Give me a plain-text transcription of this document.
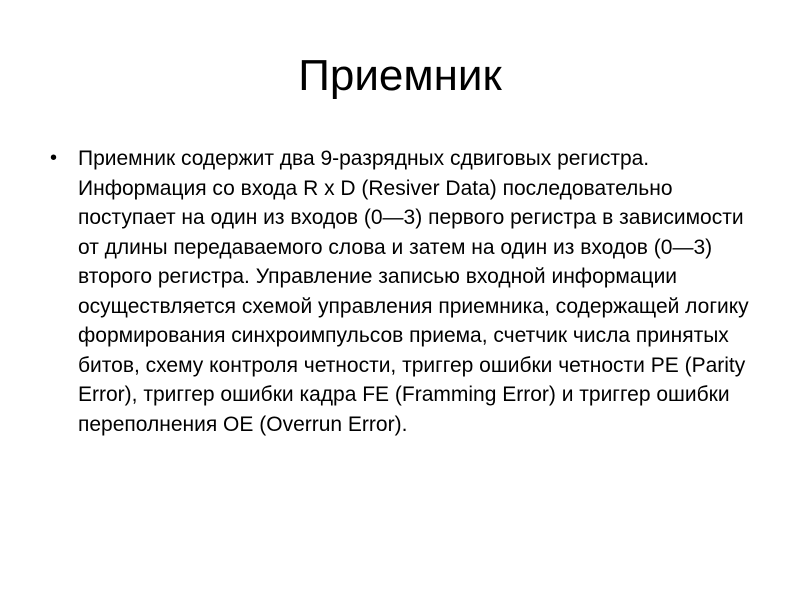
Приемник
• Приемник содержит два 9-разрядных сдвиговых регистра. Информация со входа R x D (Resiver Data) последовательно поступает на один из входов (0—3) первого регистра в зависимости от длины передаваемого слова и затем на один из входов (0—3) второго регистра. Управление записью входной информации осуществляется схемой управления приемника, содержащей логику формирования синхроимпульсов приема, счетчик числа принятых битов, схему контроля четности, триггер ошибки четности PE (Parity Error), триггер ошибки кадра FE (Framming Error) и триггер ошибки переполнения OE (Overrun Error).
